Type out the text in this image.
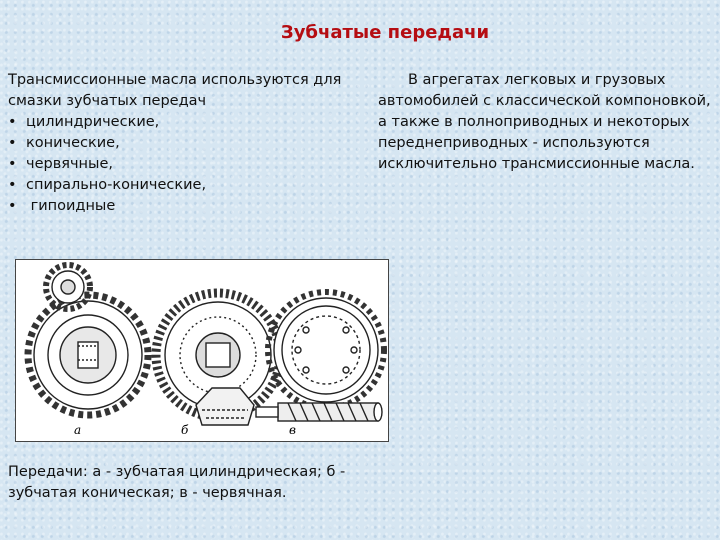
Зубчатые передачи
Трансмиссионные масла используются для смазки зубчатых передач
• цилиндрические,
• конические,
• червячные,
• спирально-конические,
• гипоидные

В агрегатах легковых и грузовых автомобилей с классической компоновкой, а также в полноприводных и некоторых переднеприводных - используются исключительно трансмиссионные масла.

а	б	в
Передачи: а - зубчатая цилиндрическая; б - зубчатая коническая; в - червячная.
